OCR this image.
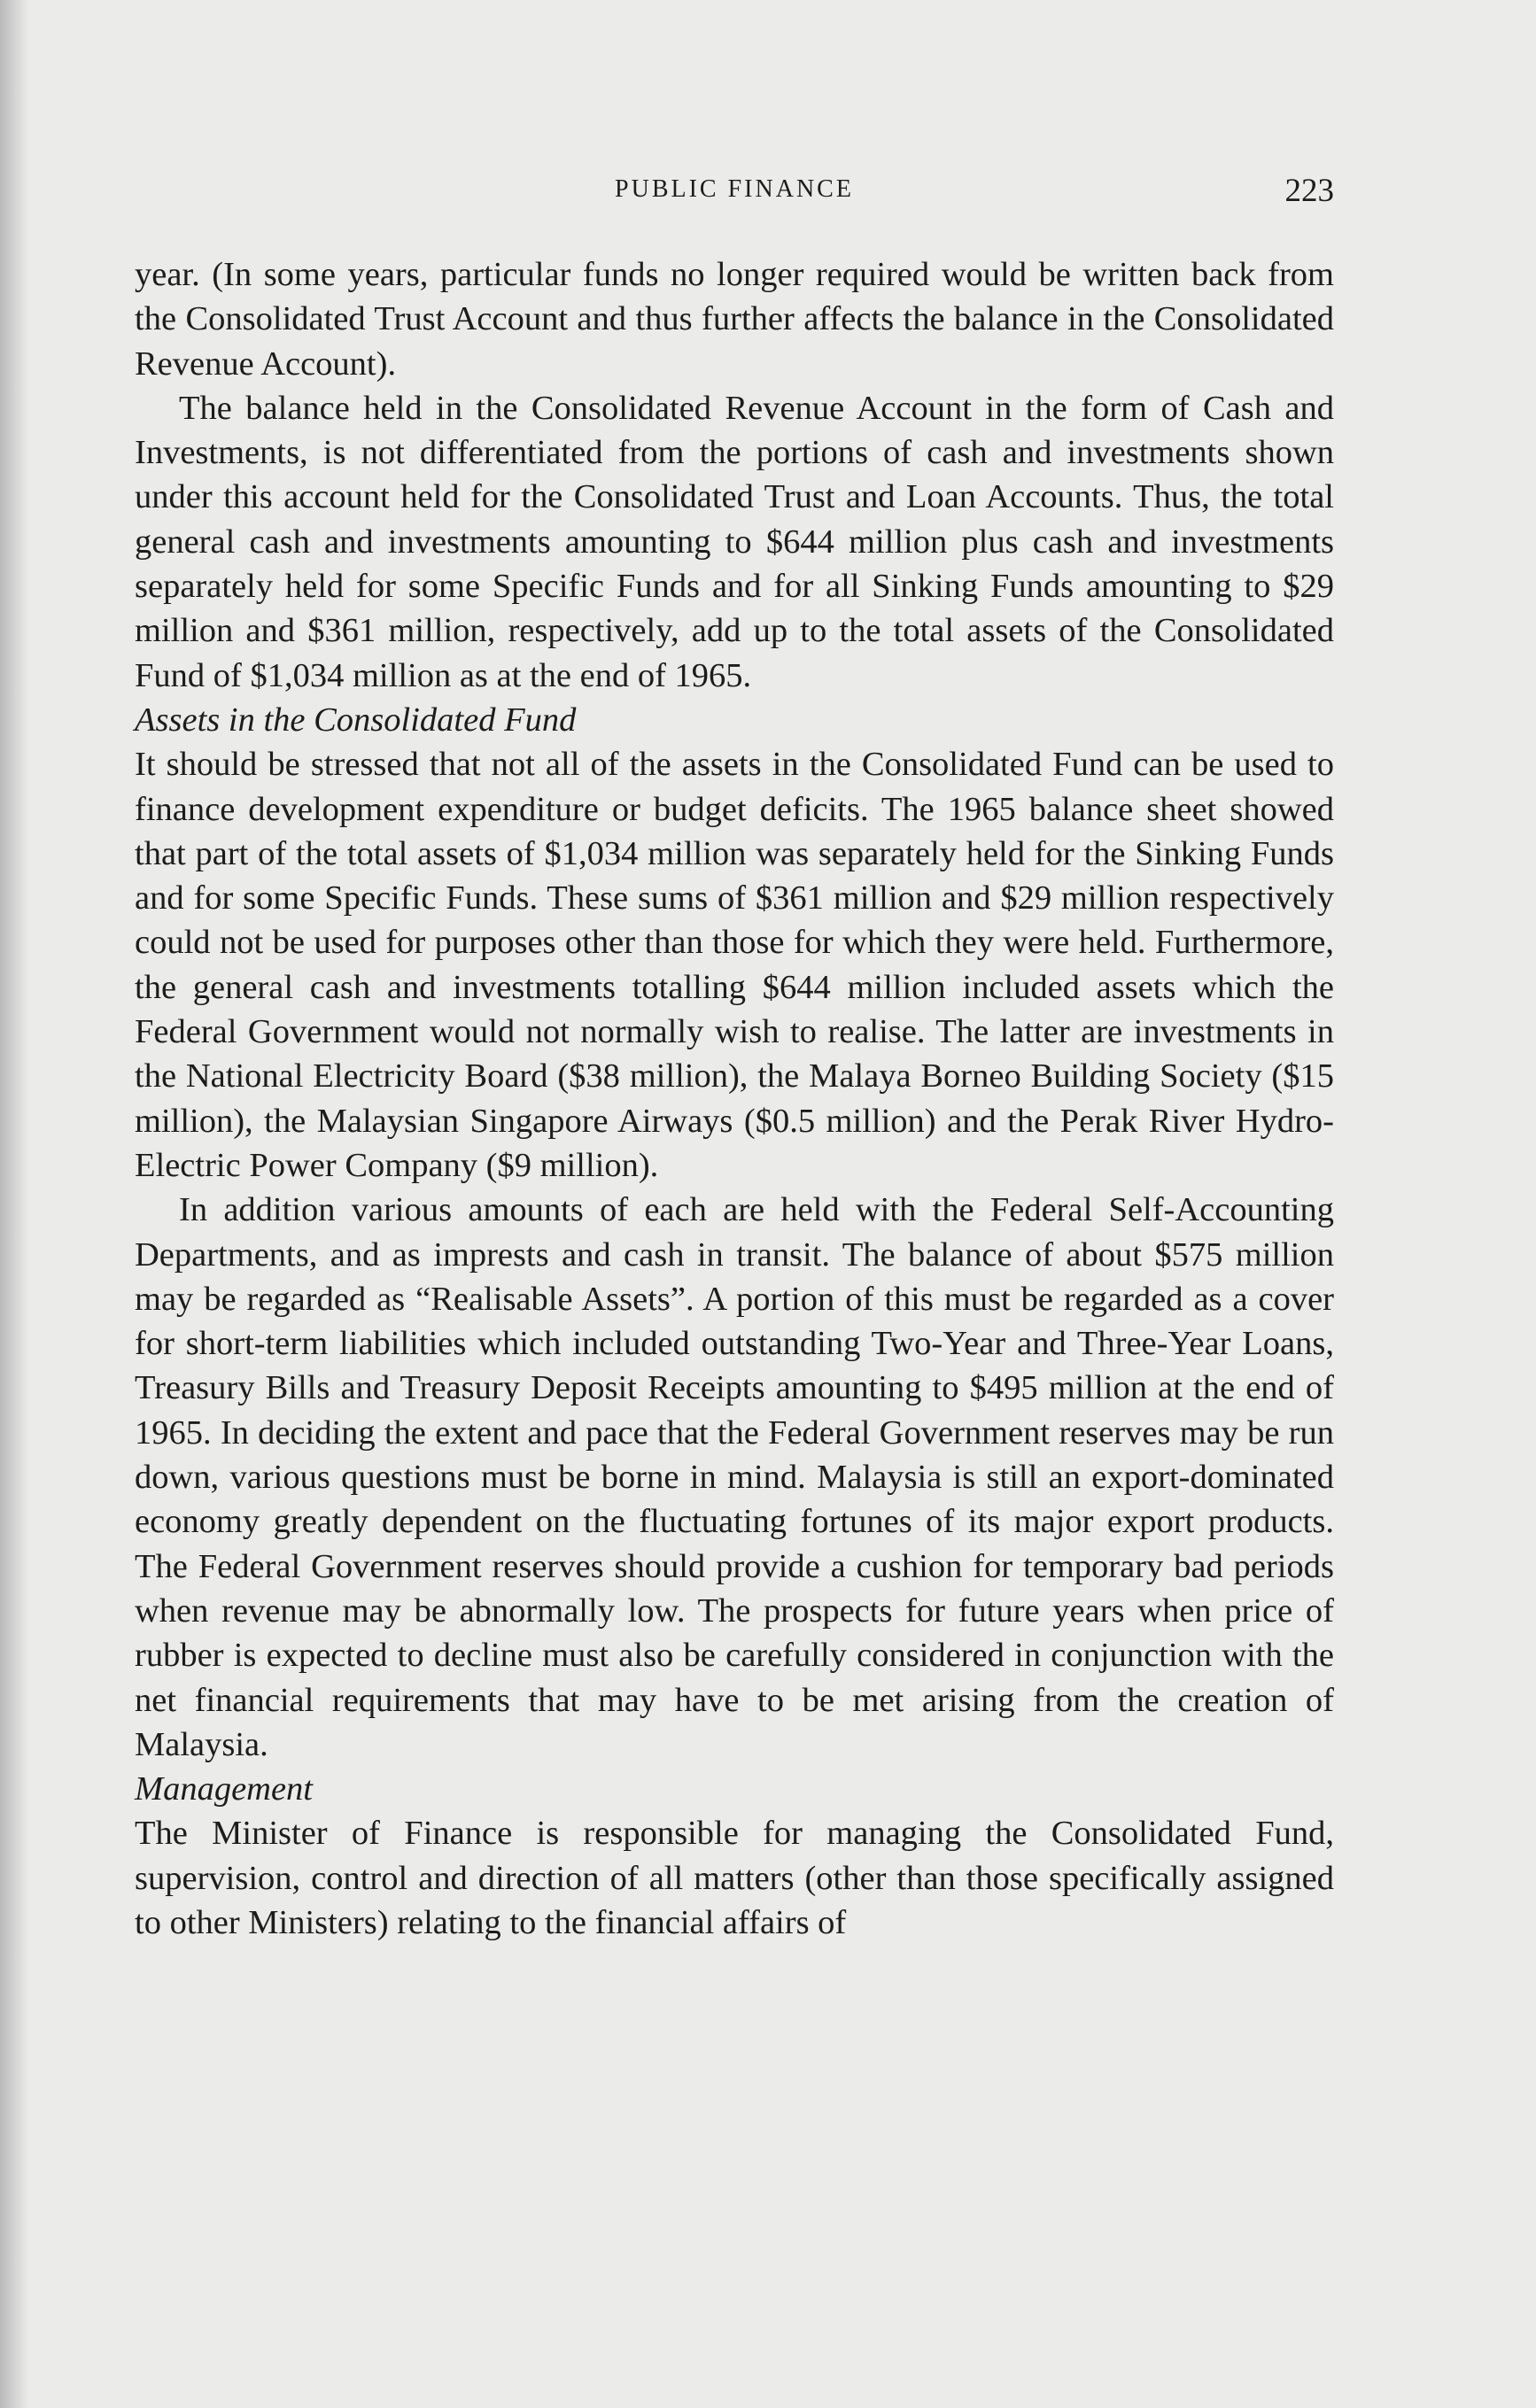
PUBLIC FINANCE	223

year. (In some years, particular funds no longer required would be written back from the Consolidated Trust Account and thus further affects the balance in the Consolidated Revenue Account).

The balance held in the Consolidated Revenue Account in the form of Cash and Investments, is not differentiated from the portions of cash and investments shown under this account held for the Consolidated Trust and Loan Accounts. Thus, the total general cash and investments amounting to $644 million plus cash and investments separately held for some Specific Funds and for all Sinking Funds amounting to $29 million and $361 million, respectively, add up to the total assets of the Consolidated Fund of $1,034 million as at the end of 1965.

Assets in the Consolidated Fund

It should be stressed that not all of the assets in the Consolidated Fund can be used to finance development expenditure or budget deficits. The 1965 balance sheet showed that part of the total assets of $1,034 million was separately held for the Sinking Funds and for some Specific Funds. These sums of $361 million and $29 million respectively could not be used for purposes other than those for which they were held. Furthermore, the general cash and investments totalling $644 million included assets which the Federal Government would not normally wish to realise. The latter are investments in the National Electricity Board ($38 million), the Malaya Borneo Building Society ($15 million), the Malaysian Singapore Airways ($0.5 million) and the Perak River Hydro-Electric Power Company ($9 million).

In addition various amounts of each are held with the Federal Self-Accounting Departments, and as imprests and cash in transit. The balance of about $575 million may be regarded as “Realisable Assets”. A portion of this must be regarded as a cover for short-term liabilities which included outstanding Two-Year and Three-Year Loans, Treasury Bills and Treasury Deposit Receipts amounting to $495 million at the end of 1965. In deciding the extent and pace that the Federal Government reserves may be run down, various questions must be borne in mind. Malaysia is still an export-dominated economy greatly dependent on the fluctuating fortunes of its major export products. The Federal Government reserves should provide a cushion for temporary bad periods when revenue may be abnormally low. The prospects for future years when price of rubber is expected to decline must also be carefully considered in conjunction with the net financial requirements that may have to be met arising from the creation of Malaysia.

Management

The Minister of Finance is responsible for managing the Consolidated Fund, supervision, control and direction of all matters (other than those specifically assigned to other Ministers) relating to the financial affairs of
